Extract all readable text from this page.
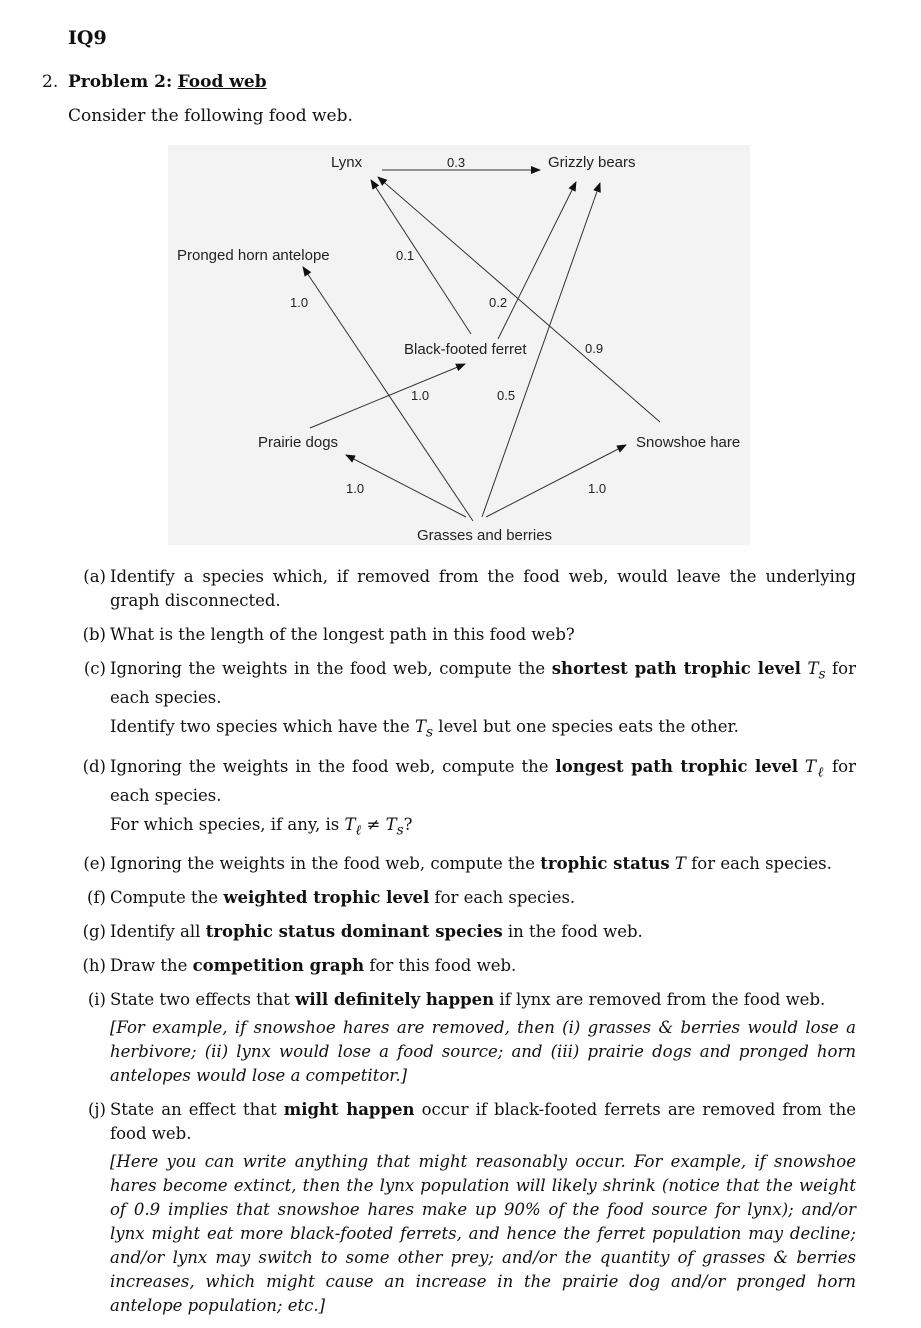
IQ9
2. Problem 2: Food web
Consider the following food web.
Lynx	Grizzly bears
Pronged horn antelope
Black-footed ferret
Prairie dogs	Snowshoe hare
Grasses and berries
0.3
0.1
0.2
1.0
0.9
1.0	0.5
1.0	1.0
(a) Identify a species which, if removed from the food web, would leave the underlying graph disconnected.

(b) What is the length of the longest path in this food web?

(c) Ignoring the weights in the food web, compute the shortest path trophic level $T_s$ for each species.

Identify two species which have the $T_s$ level but one species eats the other.

(d) Ignoring the weights in the food web, compute the longest path trophic level $T_\ell$ for each species.

For which species, if any, is $T_\ell \ne T_s$?

(e) Ignoring the weights in the food web, compute the trophic status T for each species.

(f) Compute the weighted trophic level for each species.

(g) Identify all trophic status dominant species in the food web.

(h) Draw the competition graph for this food web.

(i) State two effects that will definitely happen if lynx are removed from the food web.

[For example, if snowshoe hares are removed, then (i) grasses & berries would lose a herbivore; (ii) lynx would lose a food source; and (iii) prairie dogs and pronged horn antelopes would lose a competitor.]

(j) State an effect that might happen occur if black-footed ferrets are removed from the food web.

[Here you can write anything that might reasonably occur. For example, if snowshoe hares become extinct, then the lynx population will likely shrink (notice that the weight of 0.9 implies that snowshoe hares make up 90% of the food source for lynx); and/or lynx might eat more black-footed ferrets, and hence the ferret population may decline; and/or lynx may switch to some other prey; and/or the quantity of grasses & berries increases, which might cause an increase in the prairie dog and/or pronged horn antelope population; etc.]
